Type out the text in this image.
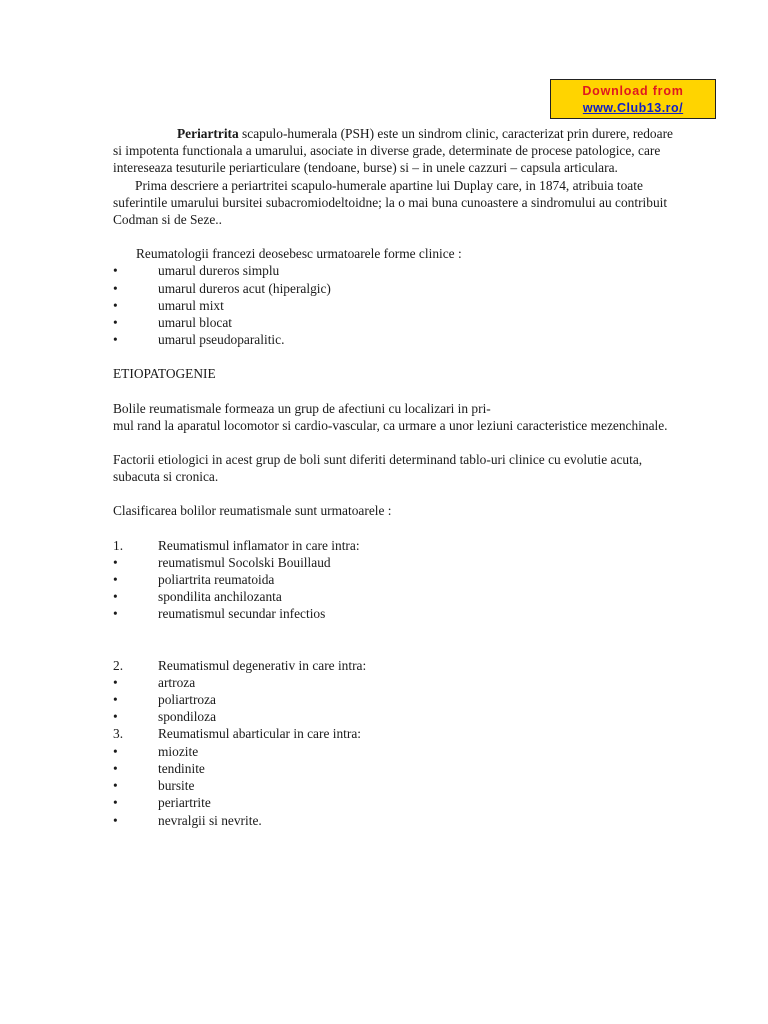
Download from
www.Club13.ro/

Periartrita scapulo-humerala (PSH) este un sindrom clinic, caracterizat prin durere, redoare si impotenta functionala a umarului, asociate in diverse grade, determinate de procese patologice, care intereseaza tesuturile periarticulare (tendoane, burse) si – in unele cazzuri – capsula articulara.

Prima descriere a periartritei scapulo-humerale apartine lui Duplay care, in 1874, atribuia toate suferintile umarului bursitei subacromiodeltoidne; la o mai buna cunoastere a sindromului au contribuit Codman si de Seze..

Reumatologii francezi deosebesc urmatoarele forme clinice :

•	umarul dureros simplu
•	umarul dureros acut (hiperalgic)
•	umarul mixt
•	umarul blocat
•	umarul pseudoparalitic.

ETIOPATOGENIE

Bolile reumatismale formeaza un grup de afectiuni cu localizari in pri-
mul rand la aparatul locomotor si cardio-vascular, ca urmare a unor leziuni caracteristice mezenchinale.

Factorii etiologici in acest grup de boli sunt diferiti determinand tablo-uri clinice cu evolutie acuta, subacuta si cronica.

Clasificarea bolilor reumatismale sunt urmatoarele :

1.	Reumatismul inflamator in care intra:
•	reumatismul Socolski Bouillaud
•	poliartrita reumatoida
•	spondilita anchilozanta
•	reumatismul secundar infectios
2.	Reumatismul degenerativ in care intra:
•	artroza
•	poliartroza
•	spondiloza
3.	Reumatismul abarticular in care intra:
•	miozite
•	tendinite
•	bursite
•	periartrite
•	nevralgii si nevrite.
